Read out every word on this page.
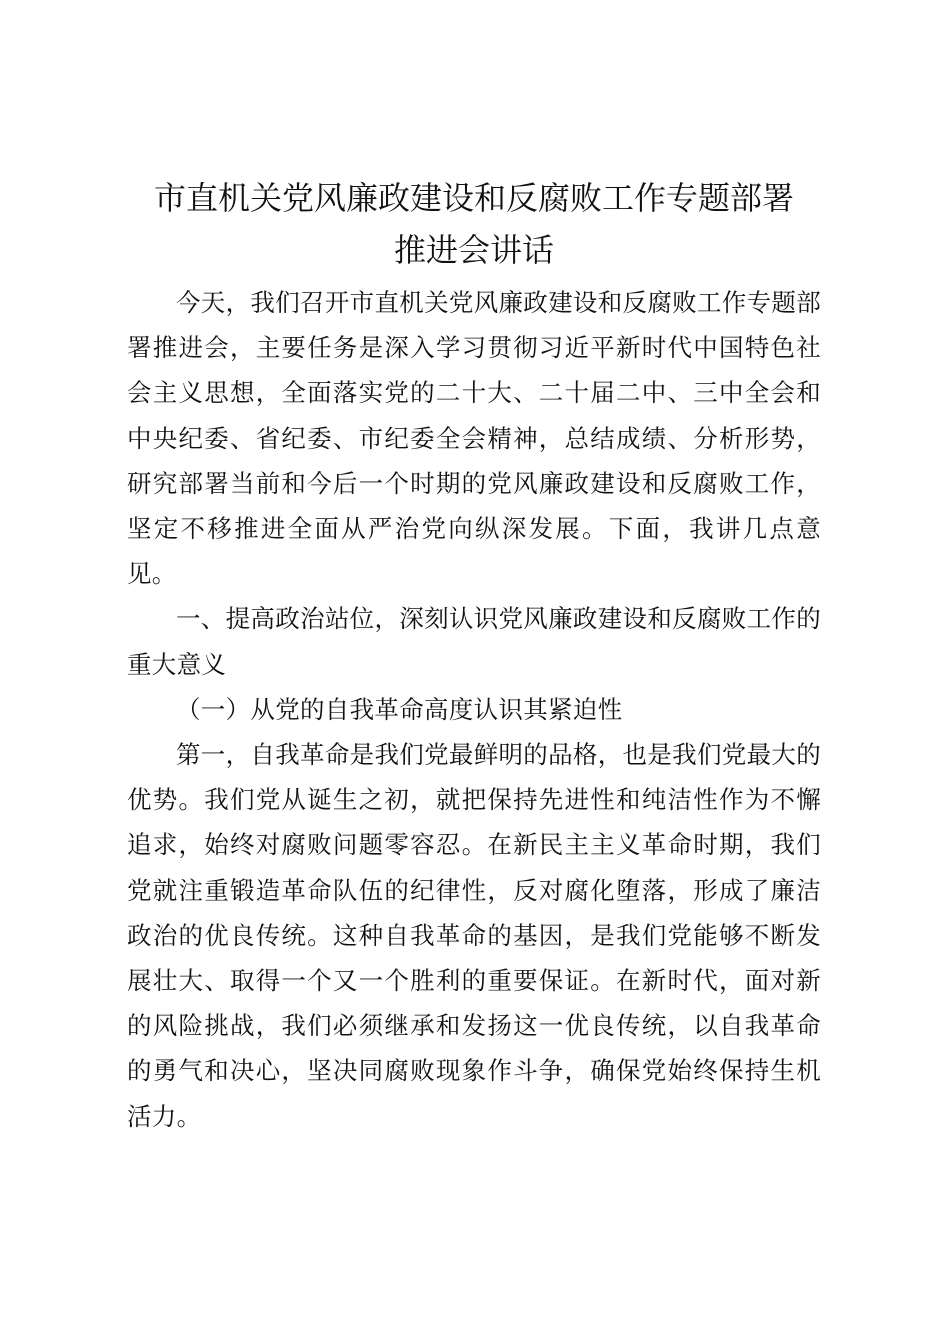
市直机关党风廉政建设和反腐败工作专题部署
推进会讲话

今天，我们召开市直机关党风廉政建设和反腐败工作专题部署推进会，主要任务是深入学习贯彻习近平新时代中国特色社会主义思想，全面落实党的二十大、二十届二中、三中全会和中央纪委、省纪委、市纪委全会精神，总结成绩、分析形势，研究部署当前和今后一个时期的党风廉政建设和反腐败工作，坚定不移推进全面从严治党向纵深发展。下面，我讲几点意见。

一、提高政治站位，深刻认识党风廉政建设和反腐败工作的重大意义

（一）从党的自我革命高度认识其紧迫性

第一，自我革命是我们党最鲜明的品格，也是我们党最大的优势。我们党从诞生之初，就把保持先进性和纯洁性作为不懈追求，始终对腐败问题零容忍。在新民主主义革命时期，我们党就注重锻造革命队伍的纪律性，反对腐化堕落，形成了廉洁政治的优良传统。这种自我革命的基因，是我们党能够不断发展壮大、取得一个又一个胜利的重要保证。在新时代，面对新的风险挑战，我们必须继承和发扬这一优良传统，以自我革命的勇气和决心，坚决同腐败现象作斗争，确保党始终保持生机活力。
